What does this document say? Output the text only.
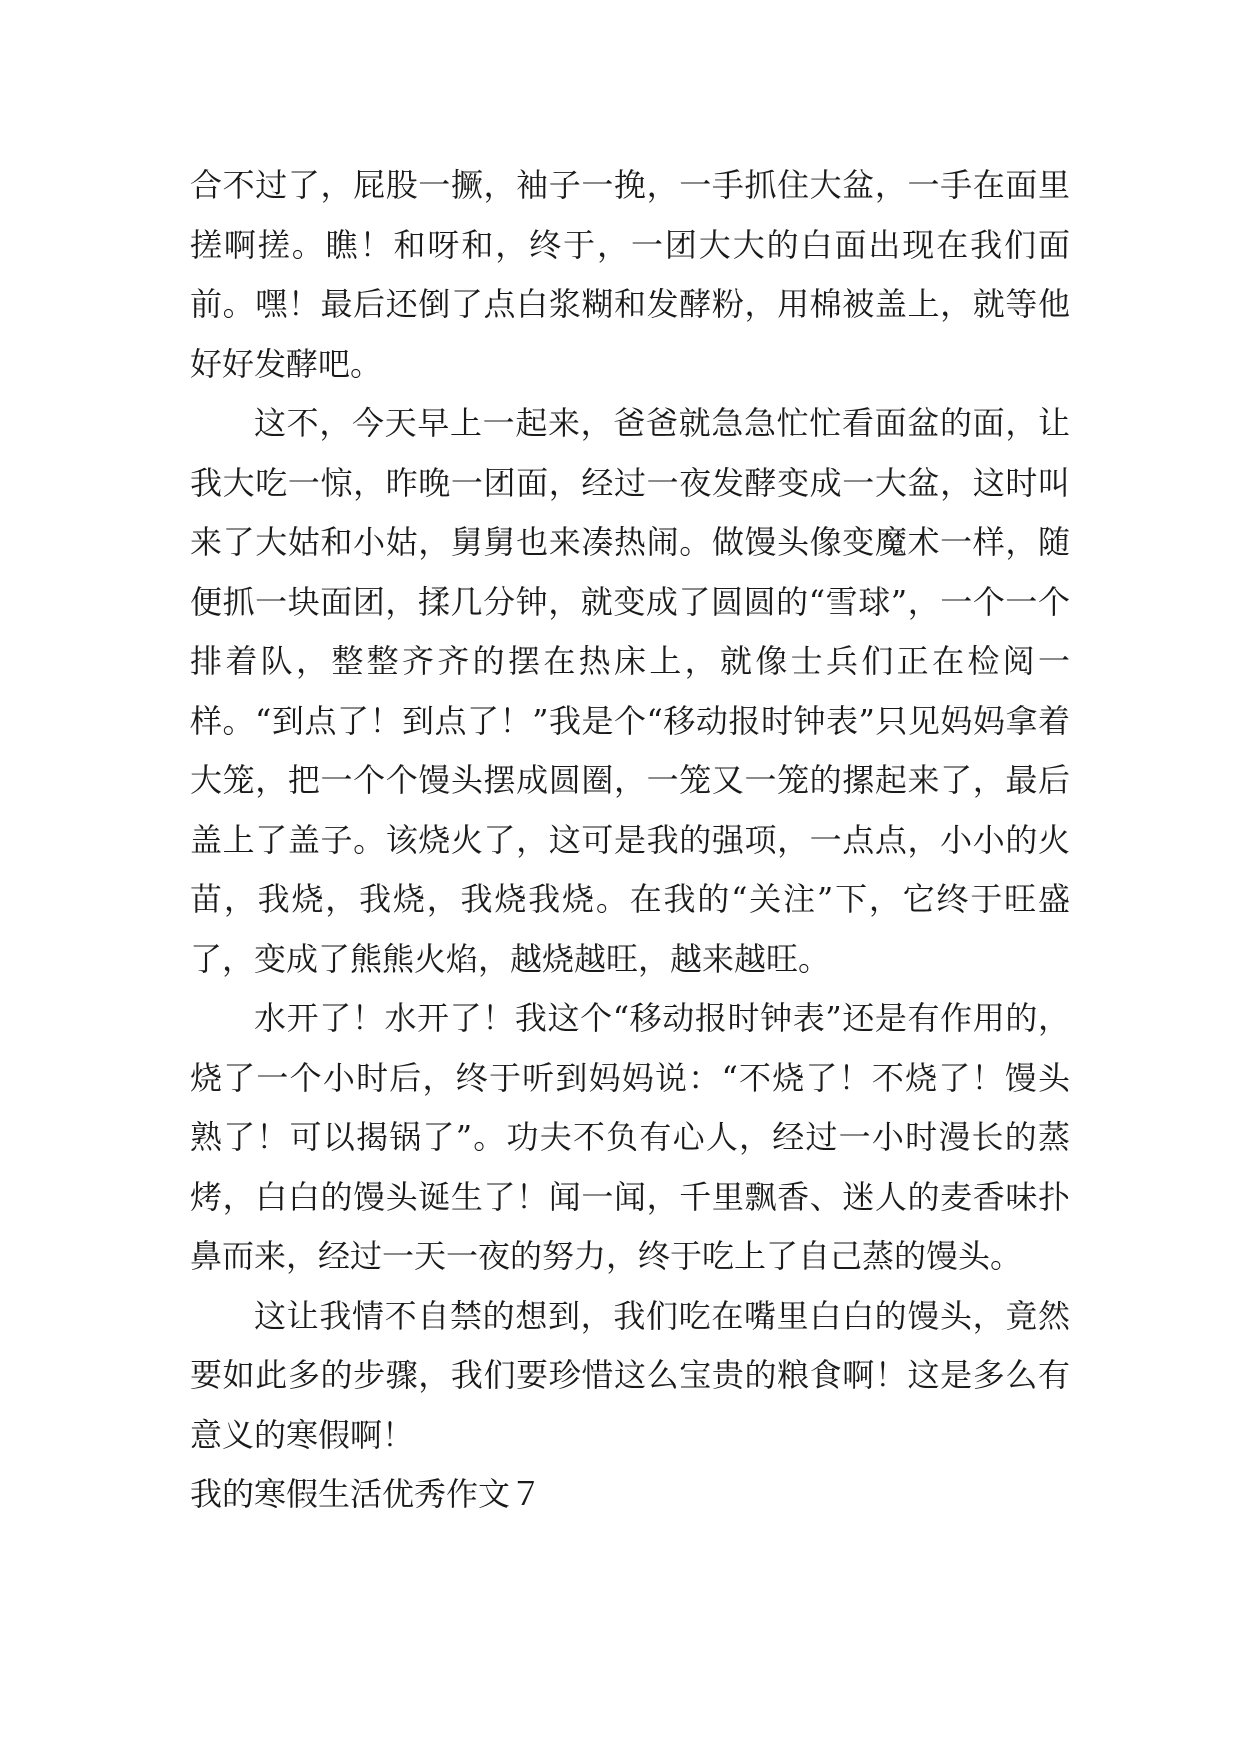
合不过了，屁股一撅，袖子一挽，一手抓住大盆，一手在面里搓啊搓。瞧！和呀和，终于，一团大大的白面出现在我们面前。嘿！最后还倒了点白浆糊和发酵粉，用棉被盖上，就等他好好发酵吧。

这不，今天早上一起来，爸爸就急急忙忙看面盆的面，让我大吃一惊，昨晚一团面，经过一夜发酵变成一大盆，这时叫来了大姑和小姑，舅舅也来凑热闹。做馒头像变魔术一样，随便抓一块面团，揉几分钟，就变成了圆圆的“雪球”，一个一个排着队，整整齐齐的摆在热床上，就像士兵们正在检阅一样。“到点了！到点了！”我是个“移动报时钟表”只见妈妈拿着大笼，把一个个馒头摆成圆圈，一笼又一笼的摞起来了，最后盖上了盖子。该烧火了，这可是我的强项，一点点，小小的火苗，我烧，我烧，我烧我烧。在我的“关注”下，它终于旺盛了，变成了熊熊火焰，越烧越旺，越来越旺。

水开了！水开了！我这个“移动报时钟表”还是有作用的，烧了一个小时后，终于听到妈妈说：“不烧了！不烧了！馒头熟了！可以揭锅了”。功夫不负有心人，经过一小时漫长的蒸烤，白白的馒头诞生了！闻一闻，千里飘香、迷人的麦香味扑鼻而来，经过一天一夜的努力，终于吃上了自己蒸的馒头。

这让我情不自禁的想到，我们吃在嘴里白白的馒头，竟然要如此多的步骤，我们要珍惜这么宝贵的粮食啊！这是多么有意义的寒假啊！

我的寒假生活优秀作文７
